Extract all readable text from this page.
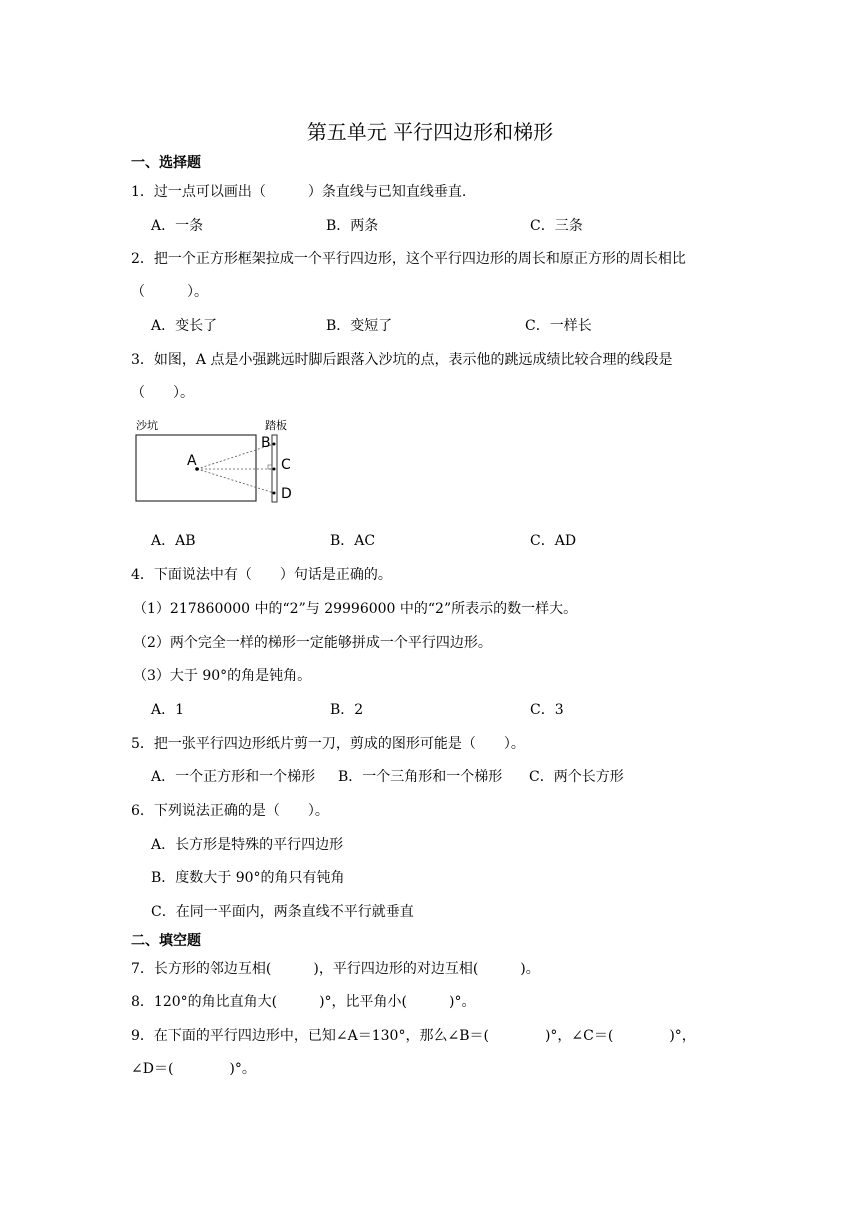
第五单元 平行四边形和梯形
一、选择题
1．过一点可以画出（　　　）条直线与已知直线垂直.
A．一条	B．两条	C．三条
2．把一个正方形框架拉成一个平行四边形，这个平行四边形的周长和原正方形的周长相比
（　　　）。
A．变长了	B．变短了	C．一样长
3．如图，A 点是小强跳远时脚后跟落入沙坑的点，表示他的跳远成绩比较合理的线段是
（　　）。
沙坑	踏板
A
B
C
D
A．AB	B．AC	C．AD
4．下面说法中有（　　）句话是正确的。
（1）217860000 中的“2”与 29996000 中的“2”所表示的数一样大。
（2）两个完全一样的梯形一定能够拼成一个平行四边形。
（3）大于 90°的角是钝角。
A．1	B．2	C．3
5．把一张平行四边形纸片剪一刀，剪成的图形可能是（　　）。
A．一个正方形和一个梯形 B．一个三角形和一个梯形 C．两个长方形
6．下列说法正确的是（　　）。
A．长方形是特殊的平行四边形
B．度数大于 90°的角只有钝角
C．在同一平面内，两条直线不平行就垂直
二、填空题
7．长方形的邻边互相(　　　)，平行四边形的对边互相(　　　)。
8．120°的角比直角大(　　　)°，比平角小(　　　)°。
9．在下面的平行四边形中，已知∠A＝130°，那么∠B＝(　　　　)°，∠C＝(　　　　)°，
∠D＝(　　　　)°。
